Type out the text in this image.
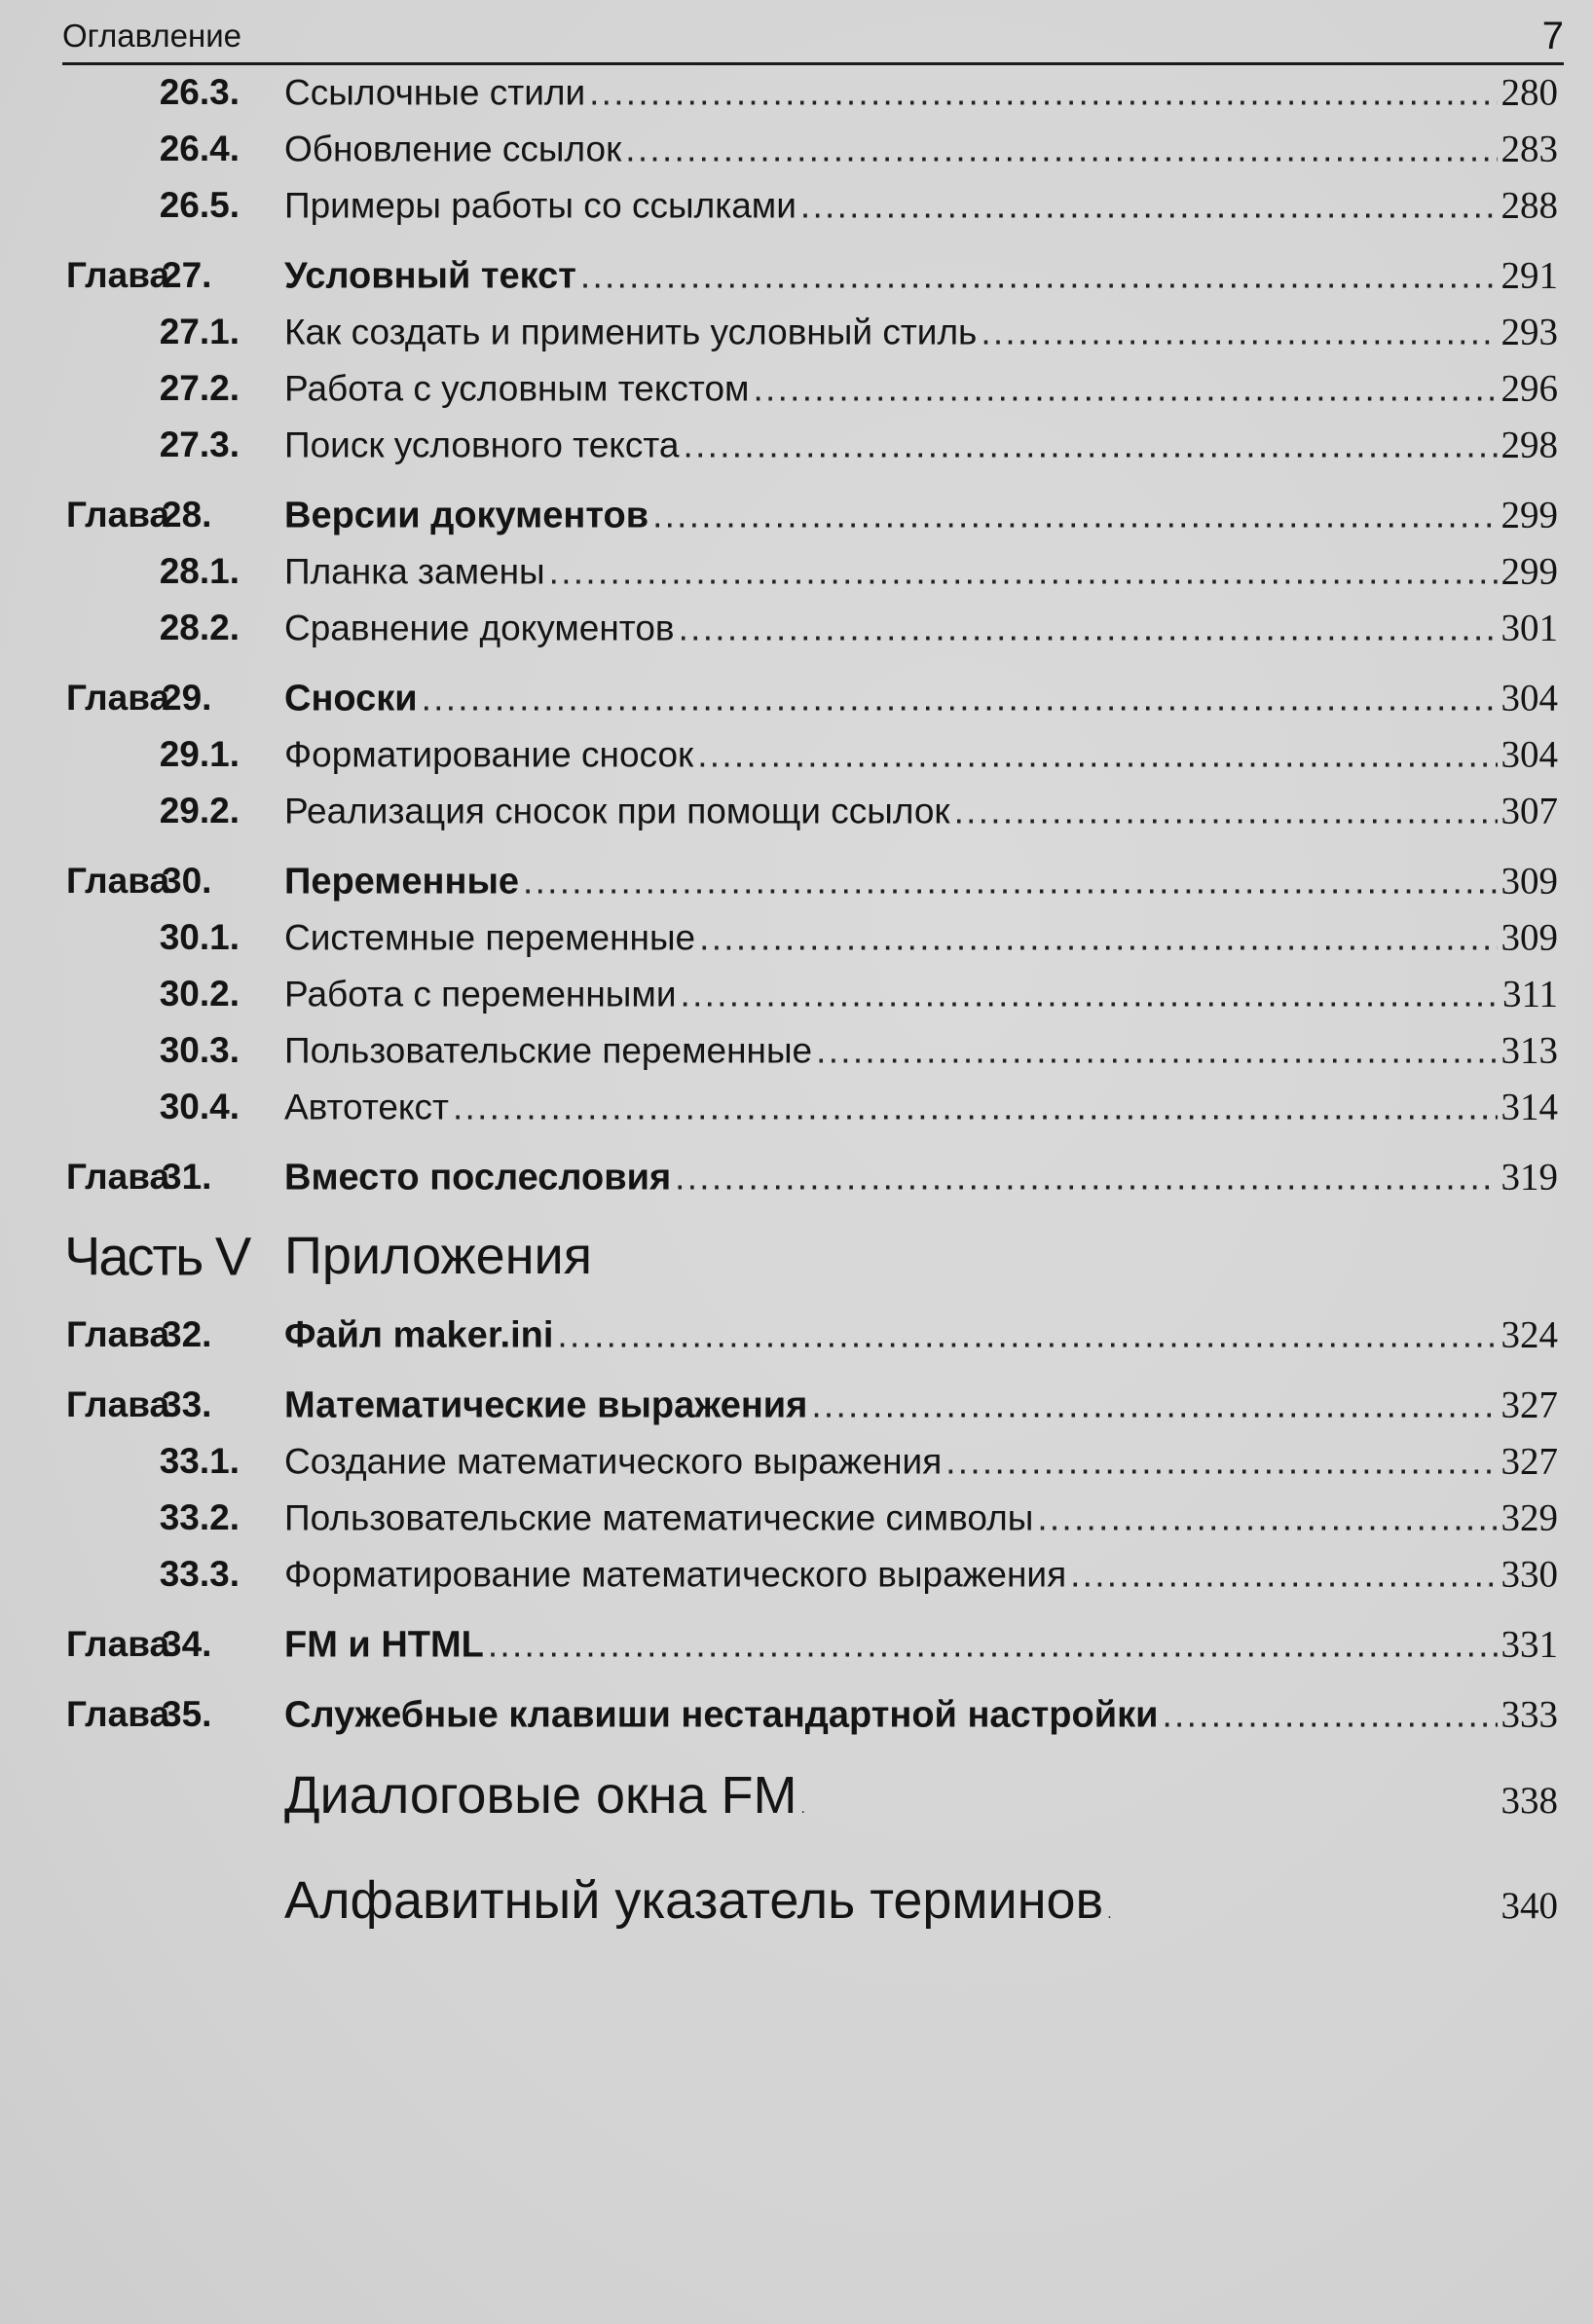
Оглавление	7
26.3. Ссылочные стили . . .	280
26.4. Обновление ссылок . . .	283
26.5. Примеры работы со ссылками . . .	288
Глава27.	Условный текст . . .	291
27.1. Как создать и применить условный стиль . . .	293
27.2. Работа с условным текстом . . .	296
27.3. Поиск условного текста . . .	298
Глава28.	Версии документов . . .	299
28.1. Планка замены . . .	299
28.2. Сравнение документов . . .	301
Глава29.	Сноски . . .	304
29.1. Форматирование сносок . . .	304
29.2. Реализация сносок при помощи ссылок . . .	307
Глава30.	Переменные . . .	309
30.1. Системные переменные . . .	309
30.2. Работа с переменными . . .	311
30.3. Пользовательские переменные . . .	313
30.4. Автотекст . . .	314
Глава31.	Вместо послесловия . . .	319
Часть V Приложения
Глава32.	Файл maker.ini . . .	324
Глава33.	Математические выражения . . .	327
33.1. Создание математического выражения . . .	327
33.2. Пользовательские математические символы . . .	329
33.3. Форматирование математического выражения . . .	330
Глава34.	FM и HTML . . .	331
Глава35.	Служебные клавиши нестандартной настройки . . .	333
Диалоговые окна FM . . .	338
Алфавитный указатель терминов . . .	340
